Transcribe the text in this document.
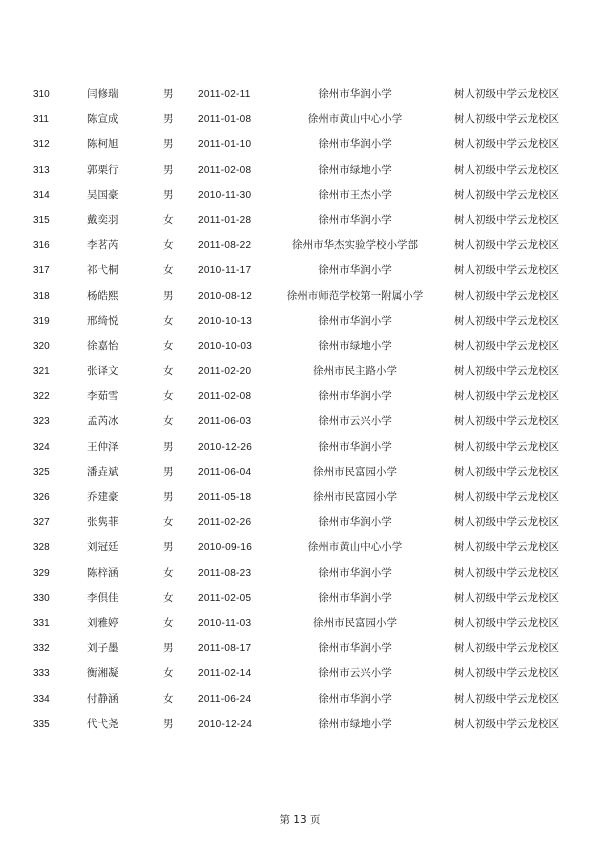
310	闫修瑞	男 2011-02-11	徐州市华润小学	树人初级中学云龙校区
311	陈宣成	男 2011-01-08	徐州市黄山中心小学	树人初级中学云龙校区
312	陈柯旭	男 2011-01-10	徐州市华润小学	树人初级中学云龙校区
313	郭栗行	男 2011-02-08	徐州市绿地小学	树人初级中学云龙校区
314	吴国豪	男 2010-11-30	徐州市王杰小学	树人初级中学云龙校区
315	戴奕羽	女 2011-01-28	徐州市华润小学	树人初级中学云龙校区
316	李茗芮	女 2011-08-22	徐州市华杰实验学校小学部	树人初级中学云龙校区
317	祁弋桐	女 2010-11-17	徐州市华润小学	树人初级中学云龙校区
318	杨皓熙	男 2010-08-12	徐州市师范学校第一附属小学	树人初级中学云龙校区
319	邢绮悦	女 2010-10-13	徐州市华润小学	树人初级中学云龙校区
320	徐嘉怡	女 2010-10-03	徐州市绿地小学	树人初级中学云龙校区
321	张译文	女 2011-02-20	徐州市民主路小学	树人初级中学云龙校区
322	李茹雪	女 2011-02-08	徐州市华润小学	树人初级中学云龙校区
323	孟芮冰	女 2011-06-03	徐州市云兴小学	树人初级中学云龙校区
324	王仲泽	男 2010-12-26	徐州市华润小学	树人初级中学云龙校区
325	潘垚斌	男 2011-06-04	徐州市民富园小学	树人初级中学云龙校区
326	乔建豪	男 2011-05-18	徐州市民富园小学	树人初级中学云龙校区
327	张隽菲	女 2011-02-26	徐州市华润小学	树人初级中学云龙校区
328	刘冠廷	男 2010-09-16	徐州市黄山中心小学	树人初级中学云龙校区
329	陈梓涵	女 2011-08-23	徐州市华润小学	树人初级中学云龙校区
330	李倶佳	女 2011-02-05	徐州市华润小学	树人初级中学云龙校区
331	刘雅婷	女 2010-11-03	徐州市民富园小学	树人初级中学云龙校区
332	刘子墨	男 2011-08-17	徐州市华润小学	树人初级中学云龙校区
333	衡湘凝	女 2011-02-14	徐州市云兴小学	树人初级中学云龙校区
334	付静涵	女 2011-06-24	徐州市华润小学	树人初级中学云龙校区
335	代弋尧	男 2010-12-24	徐州市绿地小学	树人初级中学云龙校区
第 13 页
